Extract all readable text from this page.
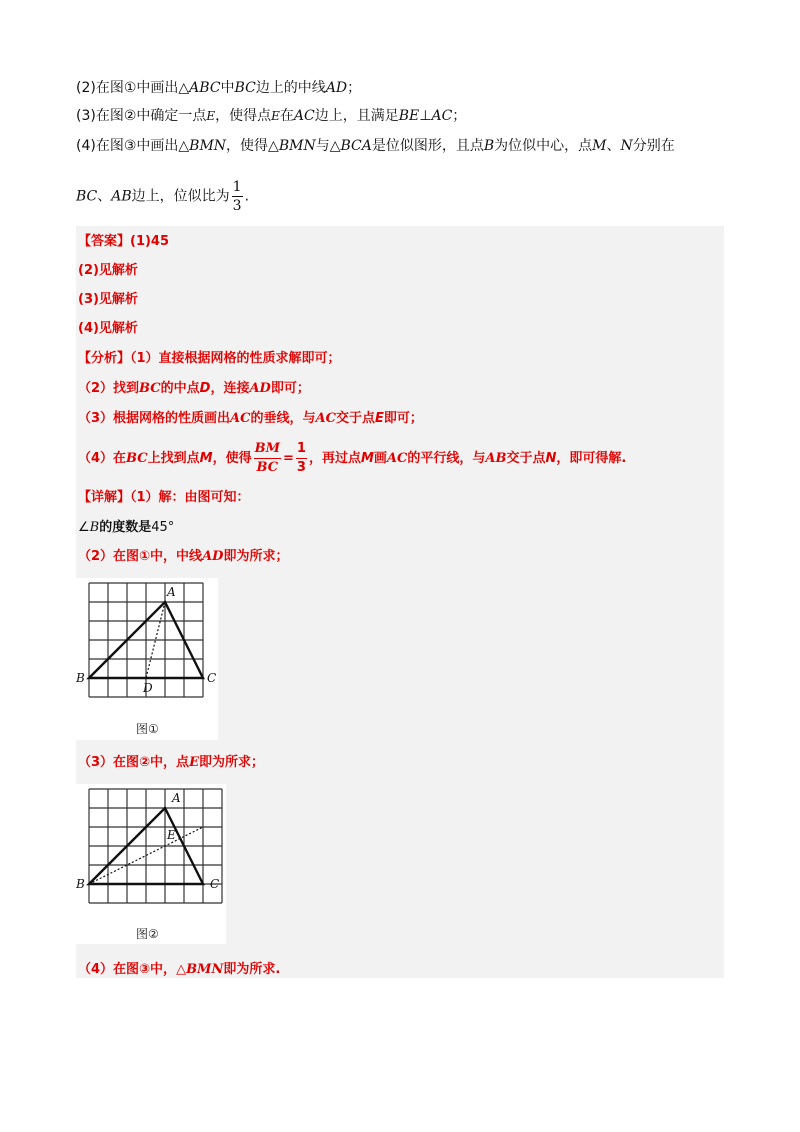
(2)在图①中画出△ABC中BC边上的中线AD；
(3)在图②中确定一点E，使得点E在AC边上，且满足BE⊥AC；
(4)在图③中画出△BMN，使得△BMN与△BCA是位似图形，且点B为位似中心，点M、N分别在
BC、AB边上，位似比为 $\frac{1}{3}$ .
【答案】(1)45
(2)见解析
(3)见解析
(4)见解析
【分析】（1）直接根据网格的性质求解即可；
（2）找到BC的中点D，连接AD即可；
（3）根据网格的性质画出AC的垂线，与AC交于点E即可；
（4）在BC上找到点M，使得 $\frac{BM}{BC} = \frac{1}{3}$ ，再过点M画AC的平行线，与AB交于点N，即可得解.
【详解】（1）解：由图可知：
∠B的度数是45°
（2）在图①中，中线AD即为所求；
A
B	C
D
图①
（3）在图②中，点E即为所求；
A
B	C
E
图②
（4）在图③中，△BMN即为所求.
